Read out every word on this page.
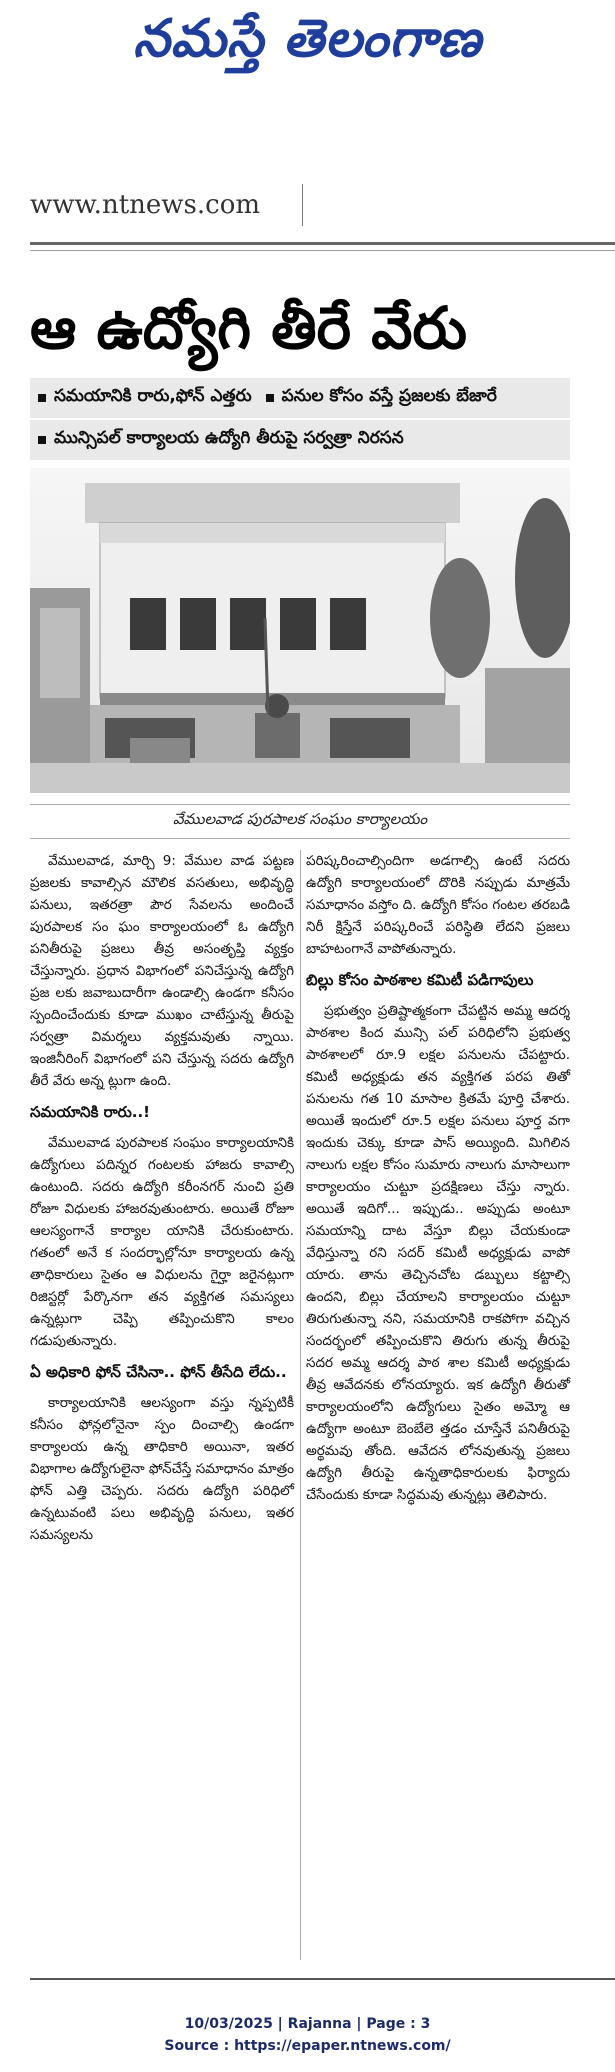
నమస్తే తెలంగాణ
www.ntnews.com
ఆ ఉద్యోగి తీరే వేరు
సమయానికి రారు,ఫోన్ ఎత్తరు పనుల కోసం వస్తే ప్రజలకు బేజారే
మున్సిపల్ కార్యాలయ ఉద్యోగి తీరుపై సర్వత్రా నిరసన
వేములవాడ పురపాలక సంఘం కార్యాలయం

వేములవాడ, మార్చి 9: వేముల వాడ పట్టణ ప్రజలకు కావాల్సిన మౌలిక వసతులు, అభివృద్ధి పనులు, ఇతరత్రా పౌర సేవలను అందించే పురపాలక సం ఘం కార్యాలయంలో ఓ ఉద్యోగి పనితీరుపై ప్రజలు తీవ్ర అసంతృప్తి వ్యక్తం చేస్తున్నారు. ప్రధాన విభాగంలో పనిచేస్తున్న ఉద్యోగి ప్రజ లకు జవాబుదారీగా ఉండాల్సి ఉండగా కనీసం స్పందించేందుకు కూడా ముఖం చాటేస్తున్న తీరుపై సర్వత్రా విమర్శలు వ్యక్తమవుతు న్నాయి. ఇంజినీరింగ్ విభాగంలో పని చేస్తున్న సదరు ఉద్యోగి తీరే వేరు అన్న ట్లుగా ఉంది.

సమయానికి రారు..!

వేములవాడ పురపాలక సంఘం కార్యాలయానికి ఉద్యోగులు పదిన్నర గంటలకు హాజరు కావాల్సి ఉంటుంది. సదరు ఉద్యోగి కరీంనగర్ నుంచి ప్రతి రోజూ విధులకు హాజరవుతుంటారు. అయితే రోజూ ఆలస్యంగానే కార్యాల యానికి చేరుకుంటారు. గతంలో అనే క సందర్భాల్లోనూ కార్యాలయ ఉన్న తాధికారులు సైతం ఆ విధులను గైర్హా జరైనట్లుగా రిజిస్టర్లో పేర్కొనగా తన వ్యక్తిగత సమస్యలు ఉన్నట్లుగా చెప్పి తప్పించుకొని కాలం గడుపుతున్నారు.

ఏ అధికారి ఫోన్ చేసినా.. ఫోన్ తీసేది లేదు..

కార్యాలయానికి ఆలస్యంగా వస్తు న్నప్పటికీ కనీసం ఫోన్లలోనైనా స్పం దించాల్సి ఉండగా కార్యాలయ ఉన్న తాధికారి అయినా, ఇతర విభాగాల ఉద్యోగులైనా ఫోన్‌చేస్తే సమాధానం మాత్రం ఫోన్ ఎత్తి చెప్పరు. సదరు ఉద్యోగి పరిధిలో ఉన్నటువంటి పలు అభివృద్ధి పనులు, ఇతర సమస్యలను

పరిష్కరించాల్సిందిగా అడగాల్సి ఉంటే సదరు ఉద్యోగి కార్యాలయంలో దొరికి నప్పుడు మాత్రమే సమాధానం వస్తోం ది. ఉద్యోగి కోసం గంటల తరబడి నిరీ క్షిస్తేనే పరిష్కరించే పరిస్థితి లేదని ప్రజలు బాహటంగానే వాపోతున్నారు.

బిల్లు కోసం పాఠశాల కమిటీ పడిగాపులు

ప్రభుత్వం ప్రతిష్టాత్మకంగా చేపట్టిన అమ్మ ఆదర్శ పాఠశాల కింద మున్సి పల్ పరిధిలోని ప్రభుత్వ పాఠశాలలో రూ.9 లక్షల పనులను చేపట్టారు. కమిటీ అధ్యక్షుడు తన వ్యక్తిగత పరప తితో పనులను గత 10 మాసాల క్రితమే పూర్తి చేశారు. అయితే ఇందులో రూ.5 లక్షల పనులు పూర్త వగా ఇందుకు చెక్కు కూడా పాస్ అయ్యింది. మిగిలిన నాలుగు లక్షల కోసం సుమారు నాలుగు మాసాలుగా కార్యాలయం చుట్టూ ప్రదక్షిణలు చేస్తు న్నారు. అయితే ఇదిగో... ఇప్పుడు.. అప్పుడు అంటూ సమయాన్ని దాట వేస్తూ బిల్లు చేయకుండా వేధిస్తున్నా రని సదర్ కమిటీ అధ్యక్షుడు వాపో యారు. తాను తెచ్చినచోట డబ్బులు కట్టాల్సి ఉందని, బిల్లు చేయాలని కార్యాలయం చుట్టూ తిరుగుతున్నా నని, సమయానికి రాకపోగా వచ్చిన సందర్భంలో తప్పించుకొని తిరుగు తున్న తీరుపై సదర అమ్మ ఆదర్శ పాఠ శాల కమిటీ అధ్యక్షుడు తీవ్ర ఆవేదనకు లోనయ్యారు. ఇక ఉద్యోగి తీరుతో కార్యాలయంలోని ఉద్యోగులు సైతం అమ్మో ఆ ఉద్యోగా అంటూ బెంబేలె త్తడం చూస్తేనే పనితీరుపై అర్థమవు తోంది. ఆవేదన లోనవుతున్న ప్రజలు ఉద్యోగి తీరుపై ఉన్నతాధికారులకు ఫిర్యాదు చేసేందుకు కూడా సిద్ధమవు తున్నట్లు తెలిపారు.

10/03/2025 | Rajanna | Page : 3
Source : https://epaper.ntnews.com/
